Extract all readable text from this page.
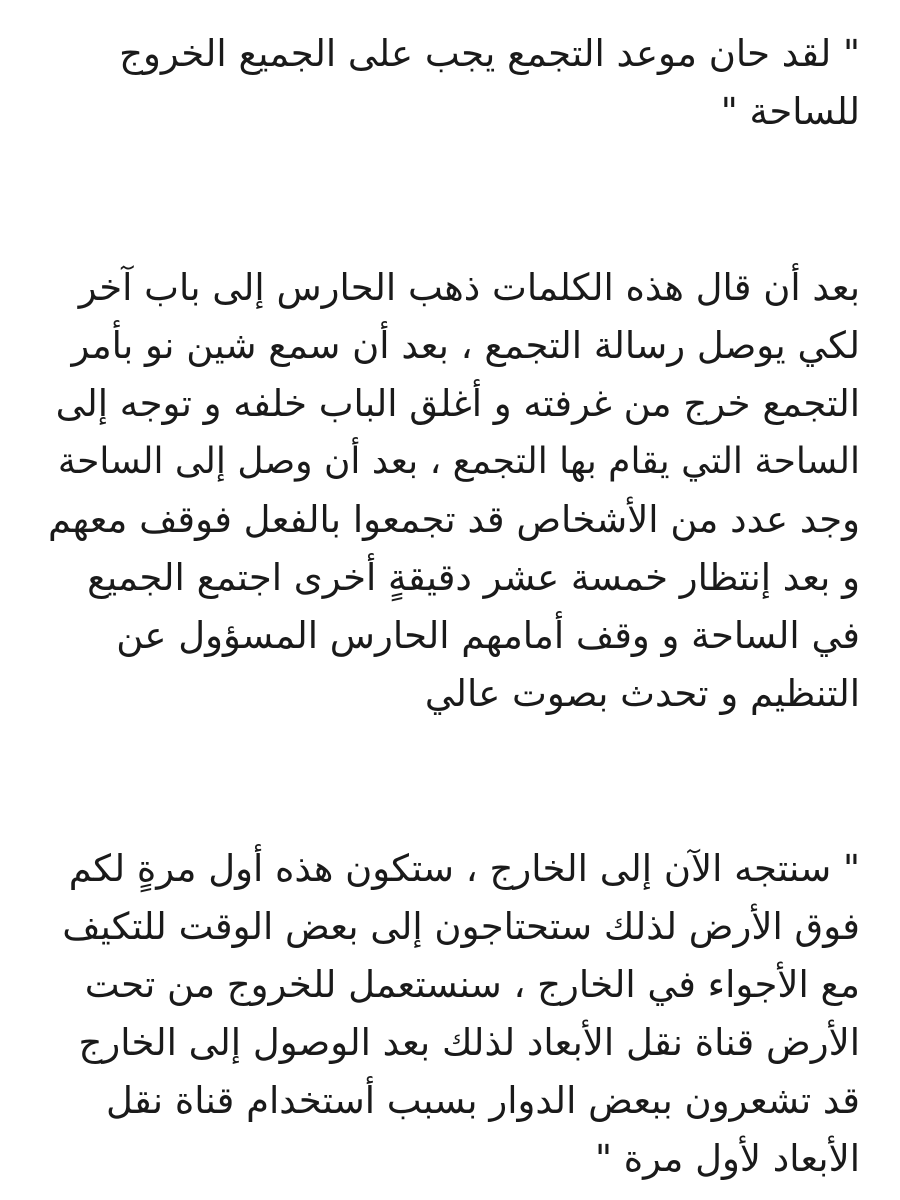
" لقد حان موعد التجمع يجب على الجميع الخروج
للساحة "
بعد أن قال هذه الكلمات ذهب الحارس إلى باب آخر
لكي يوصل رسالة التجمع ، بعد أن سمع شين نو بأمر
التجمع خرج من غرفته و أغلق الباب خلفه و توجه إلى
الساحة التي يقام بها التجمع ، بعد أن وصل إلى الساحة
وجد عدد من الأشخاص قد تجمعوا بالفعل فوقف معهم
و بعد إنتظار خمسة عشر دقيقةٍ أخرى اجتمع الجميع
في الساحة و وقف أمامهم الحارس المسؤول عن
التنظيم و تحدث بصوت عالي
" سنتجه الآن إلى الخارج ، ستكون هذه أول مرةٍ لكم
فوق الأرض لذلك ستحتاجون إلى بعض الوقت للتكيف
مع الأجواء في الخارج ، سنستعمل للخروج من تحت
الأرض قناة نقل الأبعاد لذلك بعد الوصول إلى الخارج
قد تشعرون ببعض الدوار بسبب أستخدام قناة نقل
الأبعاد لأول مرة "
